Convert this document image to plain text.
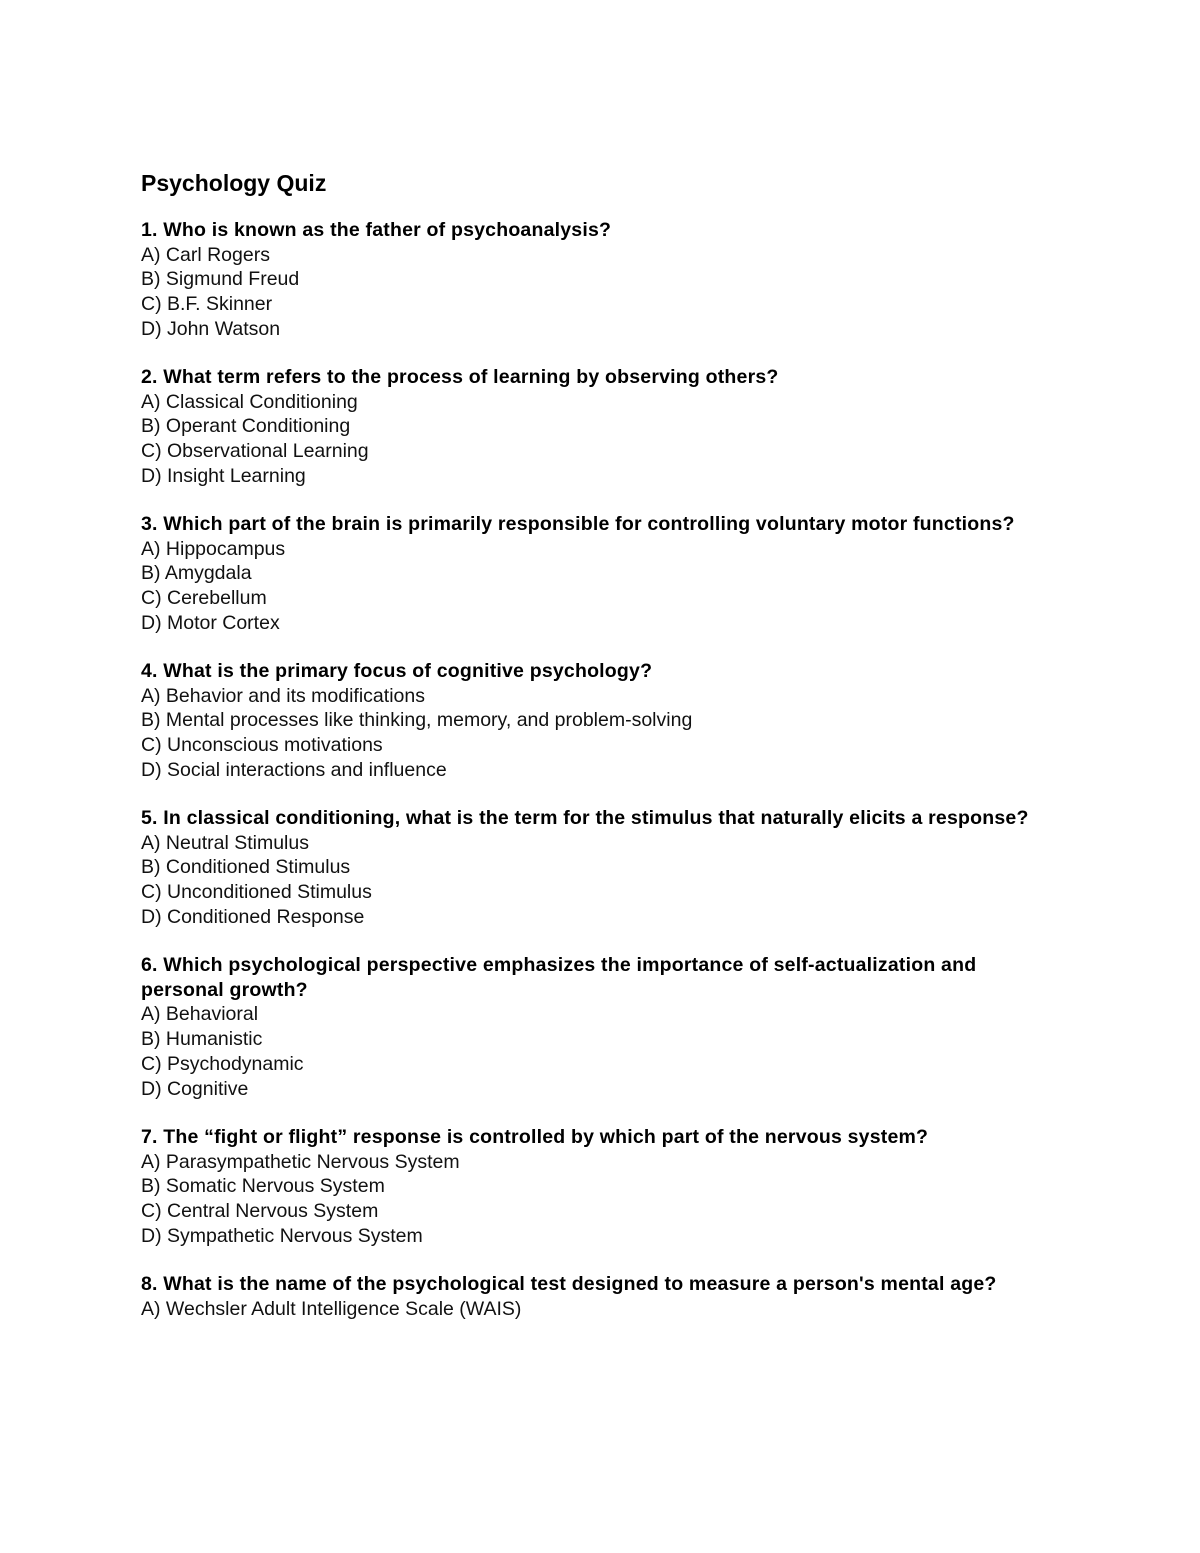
Psychology Quiz

1. Who is known as the father of psychoanalysis?

A) Carl Rogers
B) Sigmund Freud
C) B.F. Skinner
D) John Watson

2. What term refers to the process of learning by observing others?

A) Classical Conditioning
B) Operant Conditioning
C) Observational Learning
D) Insight Learning

3. Which part of the brain is primarily responsible for controlling voluntary motor functions?

A) Hippocampus
B) Amygdala
C) Cerebellum
D) Motor Cortex

4. What is the primary focus of cognitive psychology?

A) Behavior and its modifications
B) Mental processes like thinking, memory, and problem-solving
C) Unconscious motivations
D) Social interactions and influence

5. In classical conditioning, what is the term for the stimulus that naturally elicits a response?

A) Neutral Stimulus
B) Conditioned Stimulus
C) Unconditioned Stimulus
D) Conditioned Response

6. Which psychological perspective emphasizes the importance of self-actualization and personal growth?

A) Behavioral
B) Humanistic
C) Psychodynamic
D) Cognitive

7. The “fight or flight” response is controlled by which part of the nervous system?

A) Parasympathetic Nervous System
B) Somatic Nervous System
C) Central Nervous System
D) Sympathetic Nervous System

8. What is the name of the psychological test designed to measure a person's mental age?

A) Wechsler Adult Intelligence Scale (WAIS)
